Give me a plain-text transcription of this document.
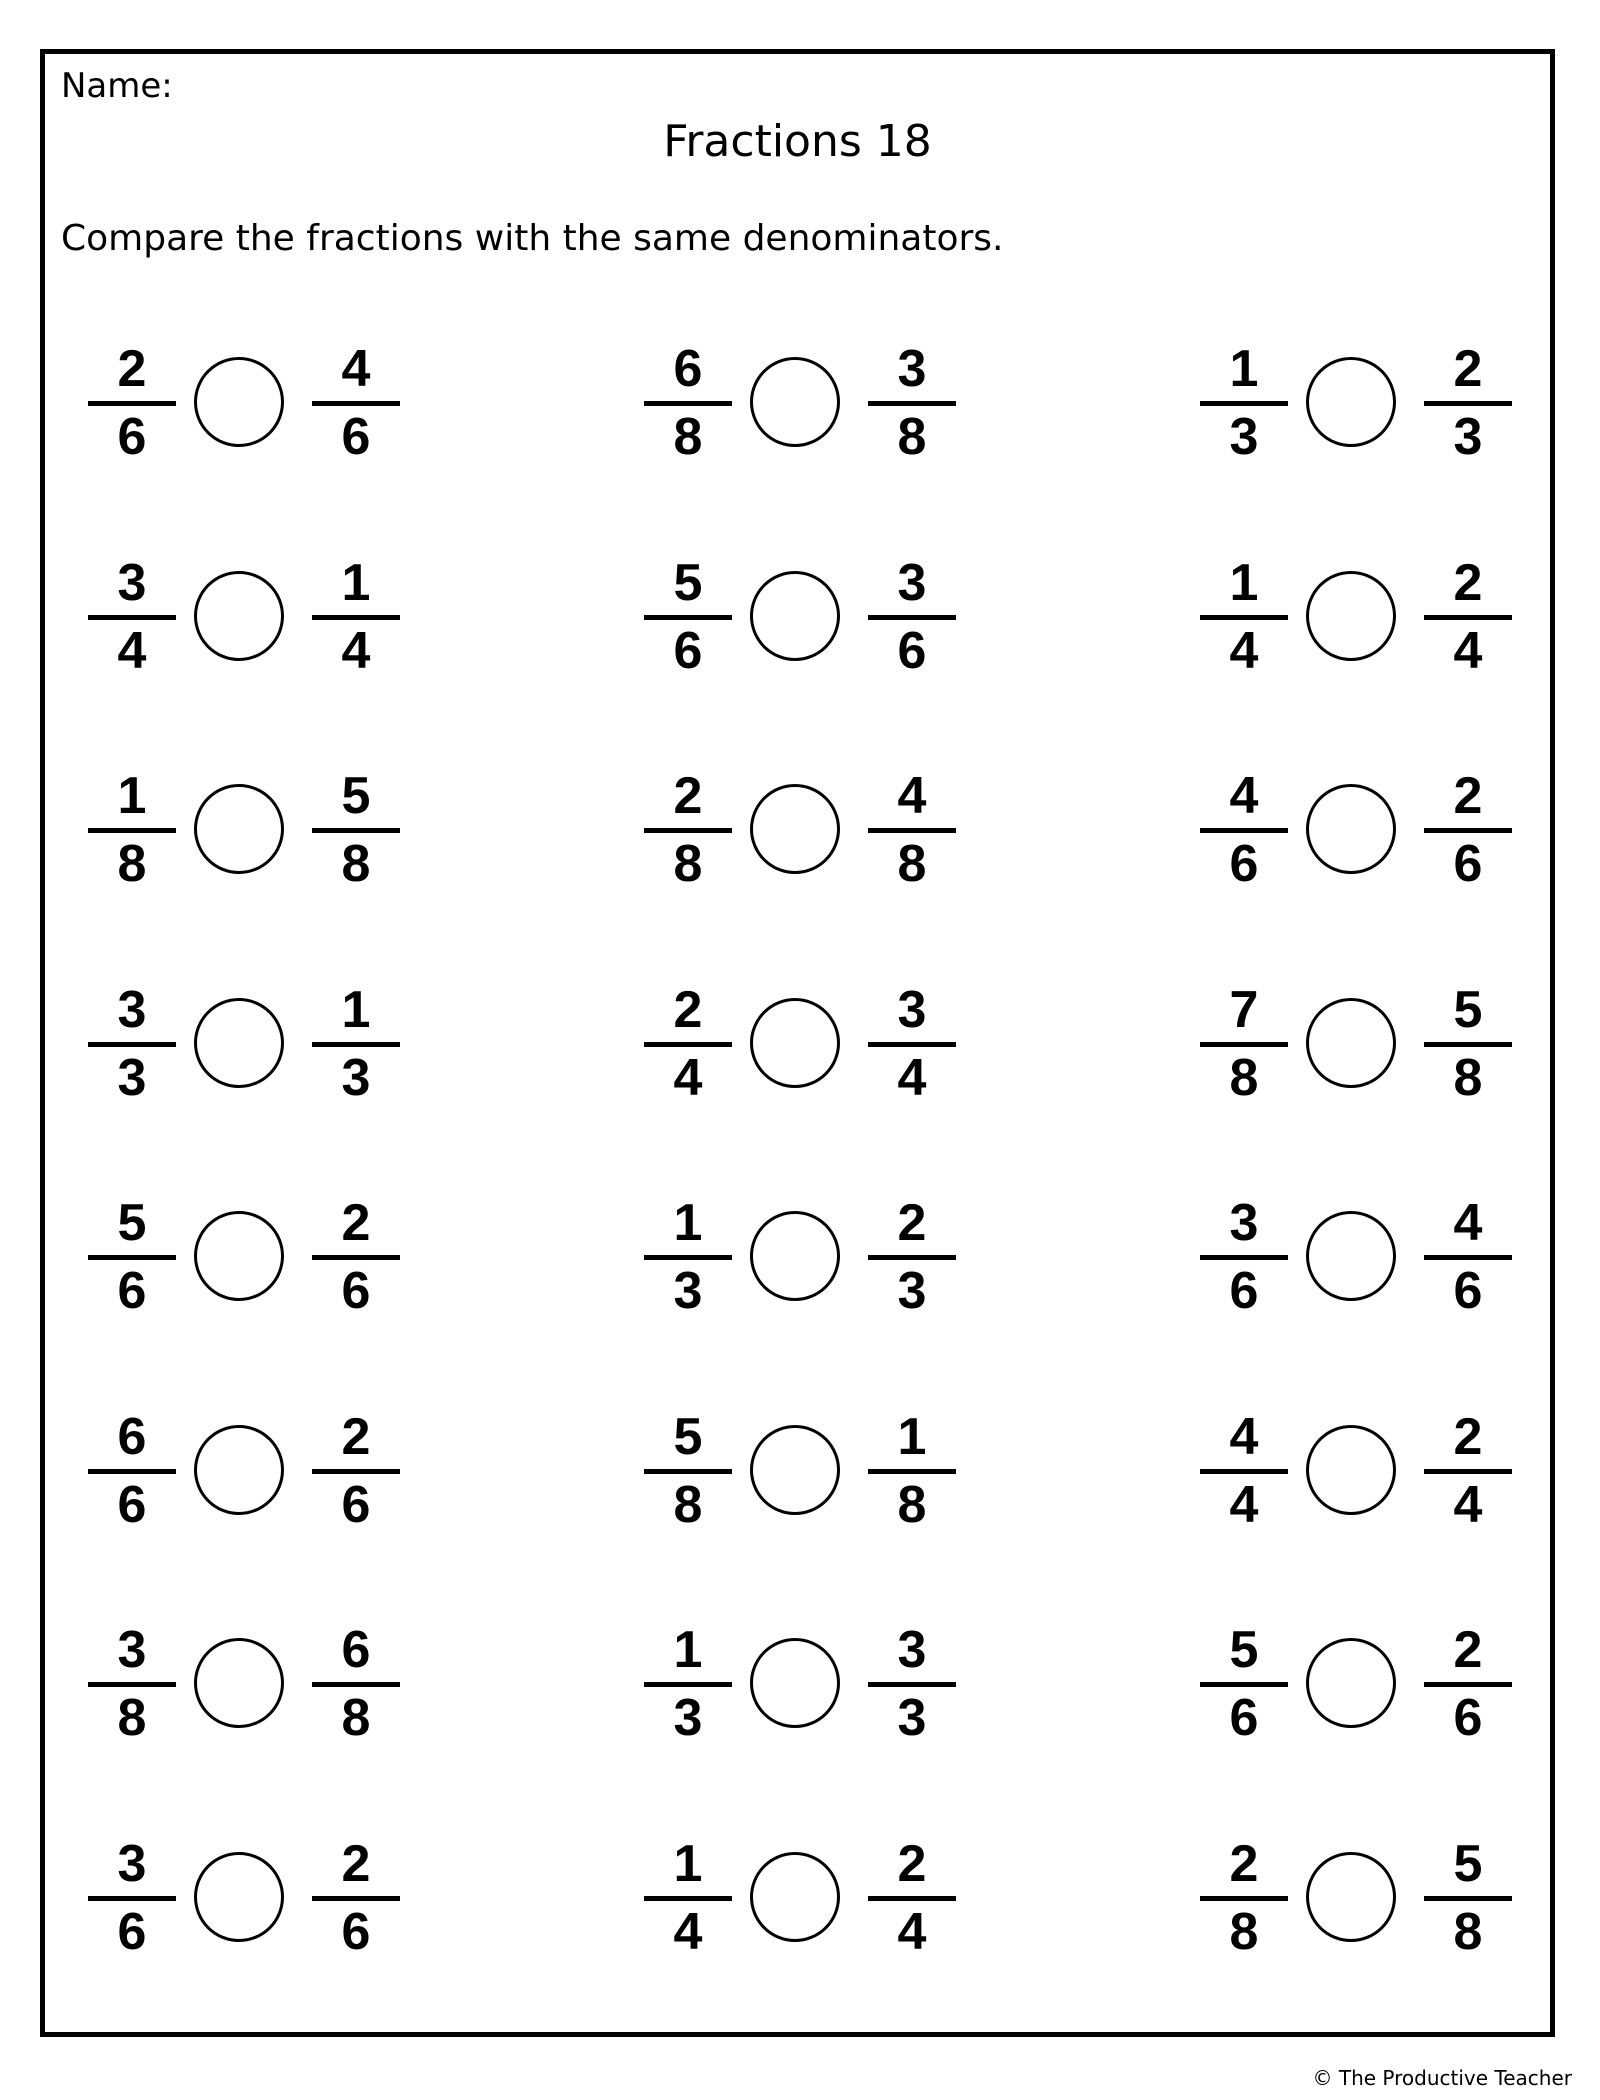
Name:
Fractions 18
Compare the fractions with the same denominators.
2
6
4
6
6
8
3
8
1
3
2
3
3
4
1
4
5
6
3
6
1
4
2
4
1
8
5
8
2
8
4
8
4
6
2
6
3
3
1
3
2
4
3
4
7
8
5
8
5
6
2
6
1
3
2
3
3
6
4
6
6
6
2
6
5
8
1
8
4
4
2
4
3
8
6
8
1
3
3
3
5
6
2
6
3
6
2
6
1
4
2
4
2
8
5
8
© The Productive Teacher
